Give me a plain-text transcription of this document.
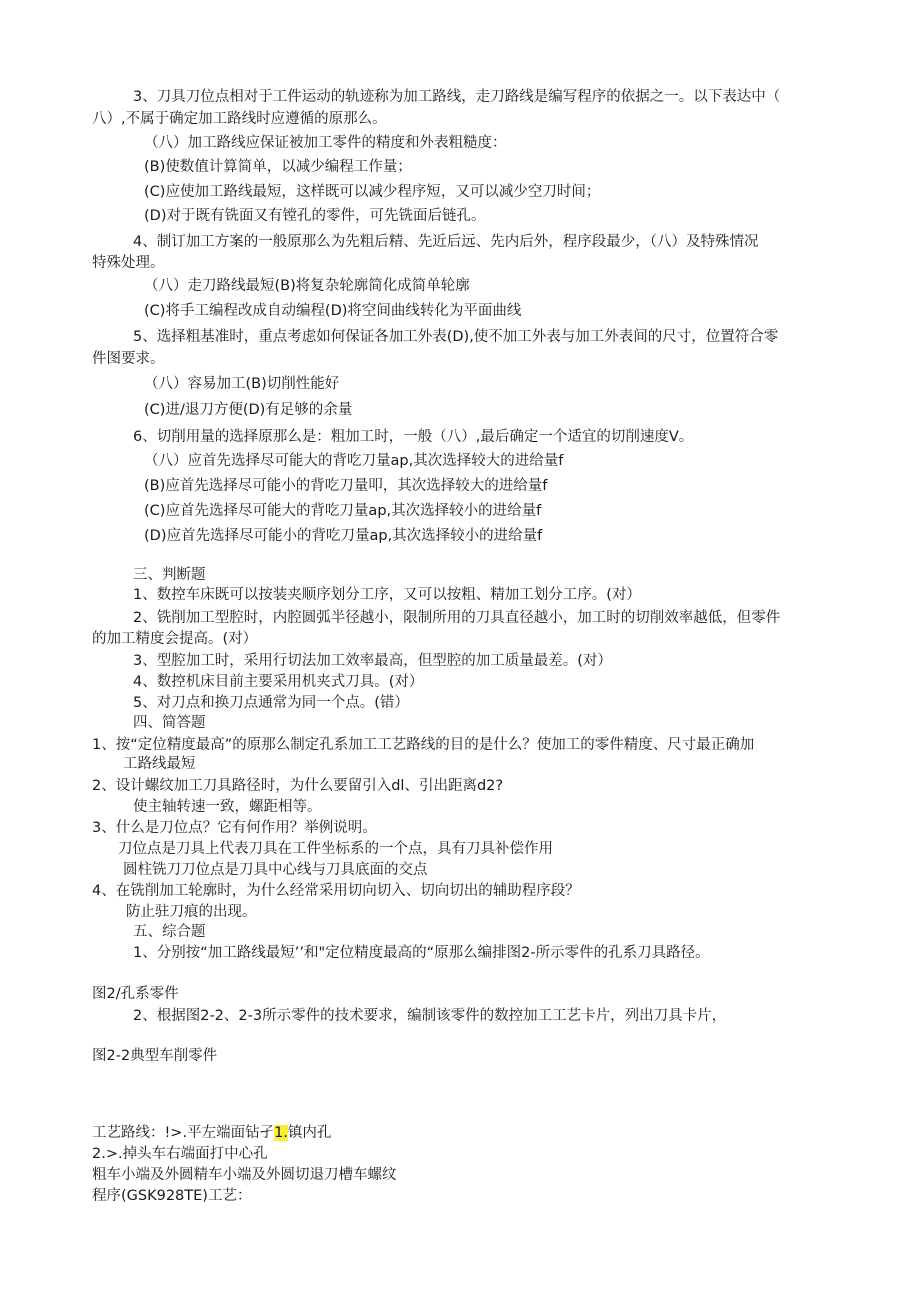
3、刀具刀位点相对于工件运动的轨迹称为加工路线，走刀路线是编写程序的依据之一。以下表达中（
八）,不属于确定加工路线时应遵循的原那么。
（八）加工路线应保证被加工零件的精度和外表粗糙度：
(B)使数值计算简单，以减少编程工作量；
(C)应使加工路线最短，这样既可以减少程序短，又可以减少空刀时间；
(D)对于既有铣面又有镗孔的零件，可先铣面后链孔。
4、制订加工方案的一般原那么为先粗后精、先近后远、先内后外，程序段最少，（八）及特殊情况
特殊处理。
（八）走刀路线最短(B)将复杂轮廓简化成简单轮廓
(C)将手工编程改成自动编程(D)将空间曲线转化为平面曲线
5、选择粗基准时，重点考虑如何保证各加工外表(D),使不加工外表与加工外表间的尺寸，位置符合零
件图要求。
（八）容易加工(B)切削性能好
(C)进/退刀方便(D)有足够的余量
6、切削用量的选择原那么是：粗加工时，一般（八）,最后确定一个适宜的切削速度V。
（八）应首先选择尽可能大的背吃刀量ap,其次选择较大的进给量f
(B)应首先选择尽可能小的背吃刀量叩，其次选择较大的进给量f
(C)应首先选择尽可能大的背吃刀量ap,其次选择较小的进给量f
(D)应首先选择尽可能小的背吃刀量ap,其次选择较小的进给量f
三、判断题
1、数控车床既可以按装夹顺序划分工序，又可以按粗、精加工划分工序。(对）
2、铣削加工型腔时，内腔圆弧半径越小，限制所用的刀具直径越小，加工时的切削效率越低，但零件
的加工精度会提高。(对）
3、型腔加工时，采用行切法加工效率最高，但型腔的加工质量最差。(对）
4、数控机床目前主要采用机夹式刀具。(对）
5、对刀点和换刀点通常为同一个点。(错）
四、简答题
1、按“定位精度最高”的原那么制定孔系加工工艺路线的目的是什么？使加工的零件精度、尺寸最正确加
工路线最短
2、设计螺纹加工刀具路径时，为什么要留引入dl、引出距离d2?
使主轴转速一致，螺距相等。
3、什么是刀位点？它有何作用？举例说明。
刀位点是刀具上代表刀具在工件坐标系的一个点，具有刀具补偿作用
圆柱铣刀刀位点是刀具中心线与刀具底面的交点
4、在铣削加工轮廓时，为什么经常采用切向切入、切向切出的辅助程序段？
防止驻刀痕的出现。
五、综合题
1、分别按“加工路线最短’’和"定位精度最高的“原那么编排图2-所示零件的孔系刀具路径。
图2/孔系零件
2、根据图2-2、2-3所示零件的技术要求，编制该零件的数控加工工艺卡片，列出刀具卡片，
图2-2典型车削零件
工艺路线：!>.平左端面钻孑1.镇内孔
2.>.掉头车右端面打中心孔
粗车小端及外圆精车小端及外圆切退刀槽车螺纹
程序(GSK928TE)工艺：
